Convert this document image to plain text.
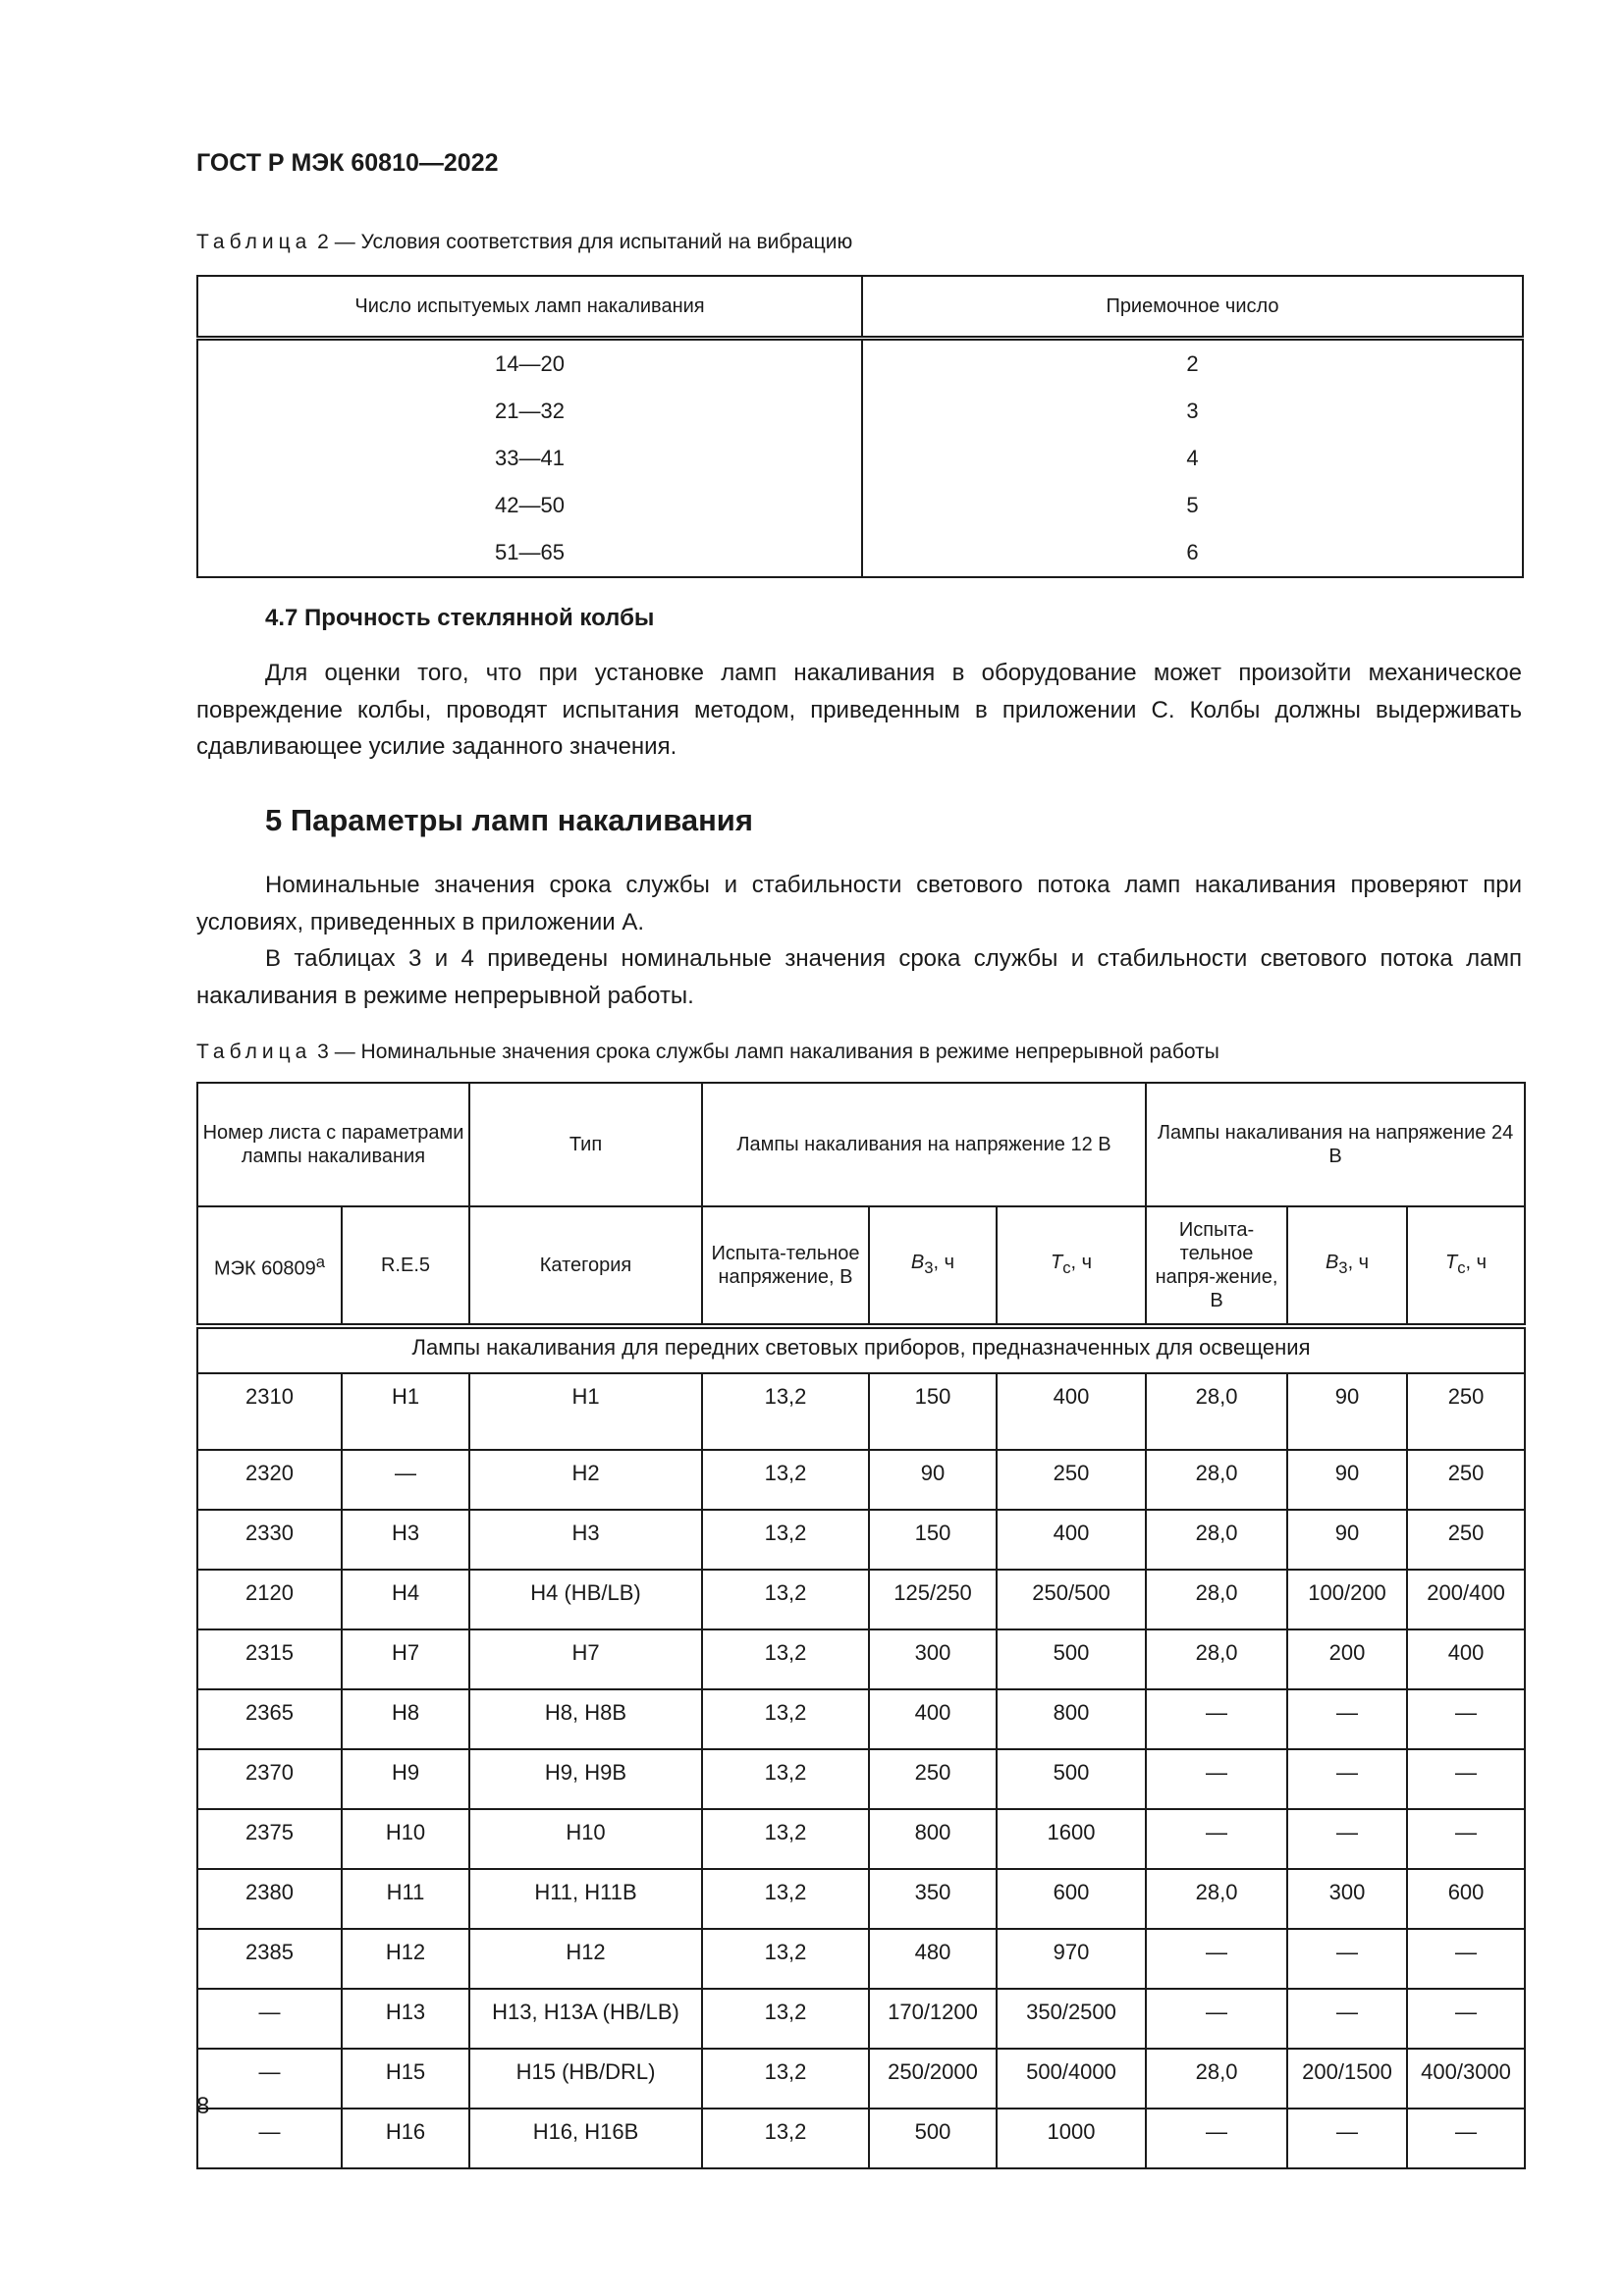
ГОСТ Р МЭК 60810—2022
Таблица 2 — Условия соответствия для испытаний на вибрацию
Число испытуемых ламп накаливания	Приемочное число
14—20	2
21—32	3
33—41	4
42—50	5
51—65	6
4.7 Прочность стеклянной колбы

Для оценки того, что при установке ламп накаливания в оборудование может произойти механическое повреждение колбы, проводят испытания методом, приведенным в приложении С. Колбы должны выдерживать сдавливающее усилие заданного значения.

5 Параметры ламп накаливания

Номинальные значения срока службы и стабильности светового потока ламп накаливания проверяют при условиях, приведенных в приложении А.

В таблицах 3 и 4 приведены номинальные значения срока службы и стабильности светового потока ламп накаливания в режиме непрерывной работы.

Таблица 3 — Номинальные значения срока службы ламп накаливания в режиме непрерывной работы
Номер листа с параметрами лампы накаливания		Тип	Лампы накаливания на напряжение 12 В			Лампы накаливания на напряжение 24 В		
МЭК 60809$^a$	R.E.5	Категория	Испыта-тельное напряжение, В	$B_3$, ч	$T_c$, ч	Испыта-тельное напря-жение, В	$B_3$, ч	$T_c$, ч
Лампы накаливания для передних световых приборов, предназначенных для освещения								
2310	H1	H1	13,2	150	400	28,0	90	250
2320	—	H2	13,2	90	250	28,0	90	250
2330	H3	H3	13,2	150	400	28,0	90	250
2120	H4	H4 (HB/LB)	13,2	125/250	250/500	28,0	100/200	200/400
2315	H7	H7	13,2	300	500	28,0	200	400
2365	H8	H8, H8B	13,2	400	800	—	—	—
2370	H9	H9, H9B	13,2	250	500	—	—	—
2375	H10	H10	13,2	800	1600	—	—	—
2380	H11	H11, H11B	13,2	350	600	28,0	300	600
2385	H12	H12	13,2	480	970	—	—	—
—	H13	H13, H13A (HB/LB)	13,2	170/1200	350/2500	—	—	—
—	H15	H15 (HB/DRL)	13,2	250/2000	500/4000	28,0	200/1500	400/3000
—	H16	H16, H16B	13,2	500	1000	—	—	—
8
